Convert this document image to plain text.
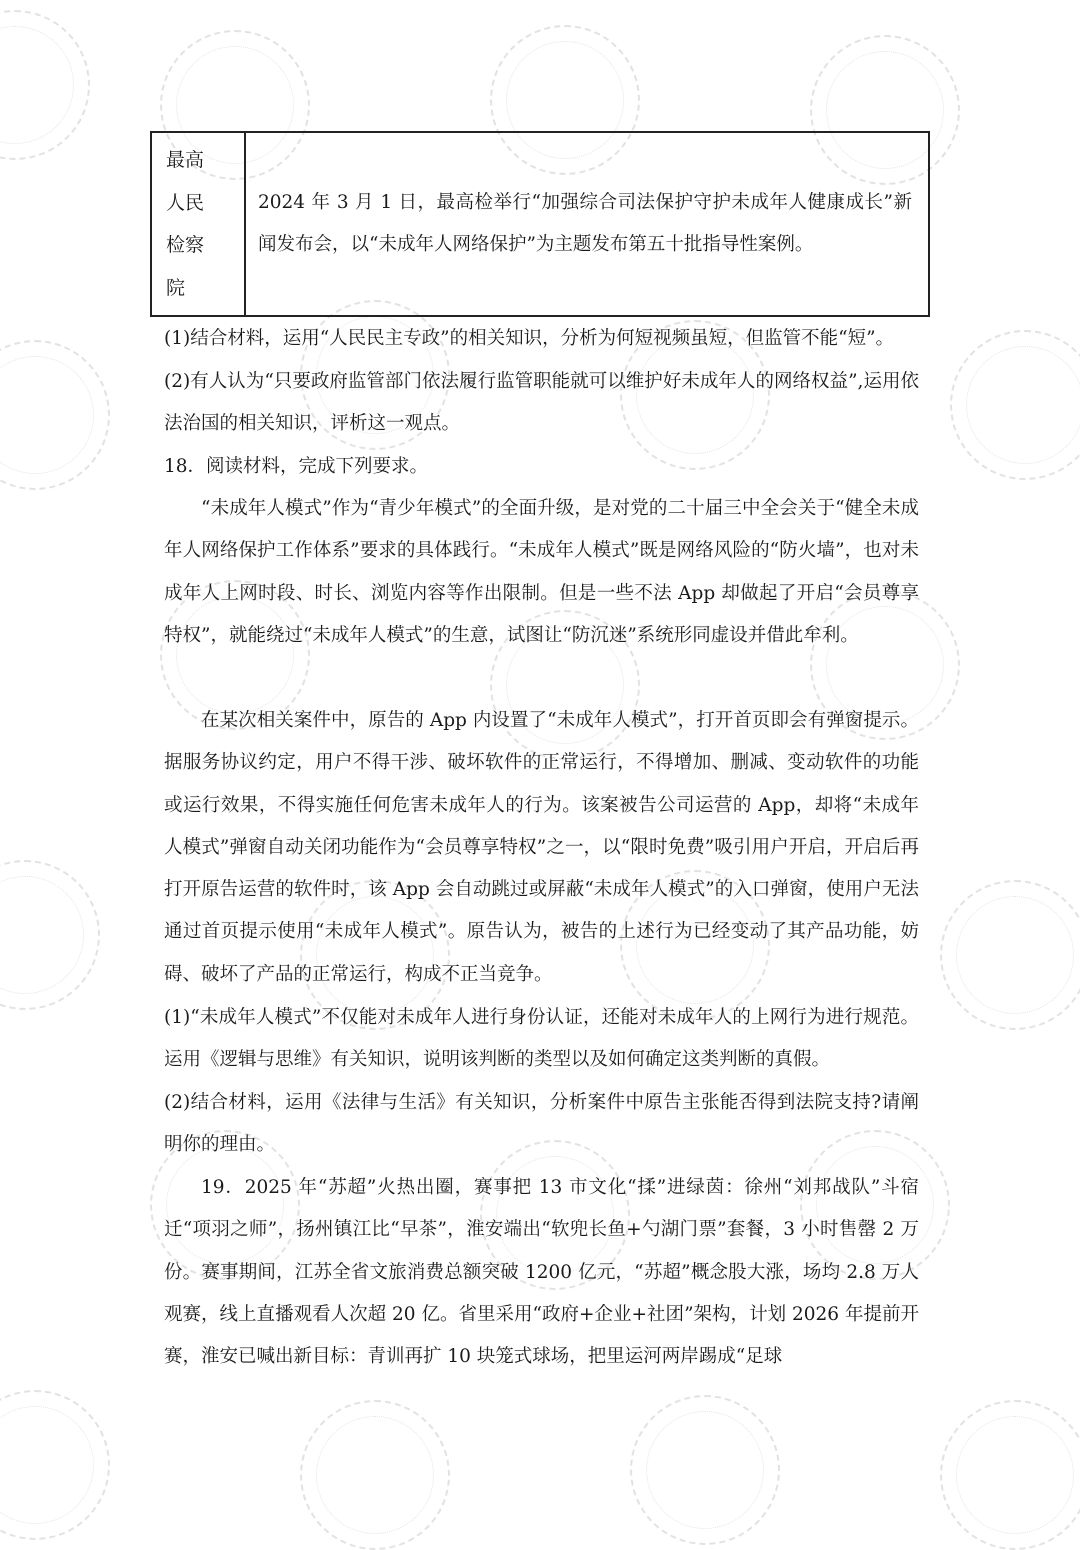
最高
人民
检察
院
	2024 年 3 月 1 日，最高检举行“加强综合司法保护守护未成年人健康成长”新闻发布会，以“未成年人网络保护”为主题发布第五十批指导性案例。

(1)结合材料，运用“人民民主专政”的相关知识，分析为何短视频虽短，但监管不能“短”。

(2)有人认为“只要政府监管部门依法履行监管职能就可以维护好未成年人的网络权益”,运用依法治国的相关知识，评析这一观点。

18．阅读材料，完成下列要求。

“未成年人模式”作为“青少年模式”的全面升级，是对党的二十届三中全会关于“健全未成年人网络保护工作体系”要求的具体践行。“未成年人模式”既是网络风险的“防火墙”，也对未成年人上网时段、时长、浏览内容等作出限制。但是一些不法 App 却做起了开启“会员尊享特权”，就能绕过“未成年人模式”的生意，试图让“防沉迷”系统形同虚设并借此牟利。

在某次相关案件中，原告的 App 内设置了“未成年人模式”，打开首页即会有弹窗提示。据服务协议约定，用户不得干涉、破坏软件的正常运行，不得增加、删减、变动软件的功能或运行效果，不得实施任何危害未成年人的行为。该案被告公司运营的 App，却将“未成年人模式”弹窗自动关闭功能作为“会员尊享特权”之一，以“限时免费”吸引用户开启，开启后再打开原告运营的软件时，该 App 会自动跳过或屏蔽“未成年人模式”的入口弹窗，使用户无法通过首页提示使用“未成年人模式”。原告认为，被告的上述行为已经变动了其产品功能，妨碍、破坏了产品的正常运行，构成不正当竞争。

(1)“未成年人模式”不仅能对未成年人进行身份认证，还能对未成年人的上网行为进行规范。运用《逻辑与思维》有关知识，说明该判断的类型以及如何确定这类判断的真假。

(2)结合材料，运用《法律与生活》有关知识，分析案件中原告主张能否得到法院支持?请阐明你的理由。

19．2025 年“苏超”火热出圈，赛事把 13 市文化“揉”进绿茵：徐州“刘邦战队”斗宿迁“项羽之师”，扬州镇江比“早茶”，淮安端出“软兜长鱼+勺湖门票”套餐，3 小时售罄 2 万份。赛事期间，江苏全省文旅消费总额突破 1200 亿元，“苏超”概念股大涨，场均 2.8 万人观赛，线上直播观看人次超 20 亿。省里采用“政府+企业+社团”架构，计划 2026 年提前开赛，淮安已喊出新目标：青训再扩 10 块笼式球场，把里运河两岸踢成“足球
